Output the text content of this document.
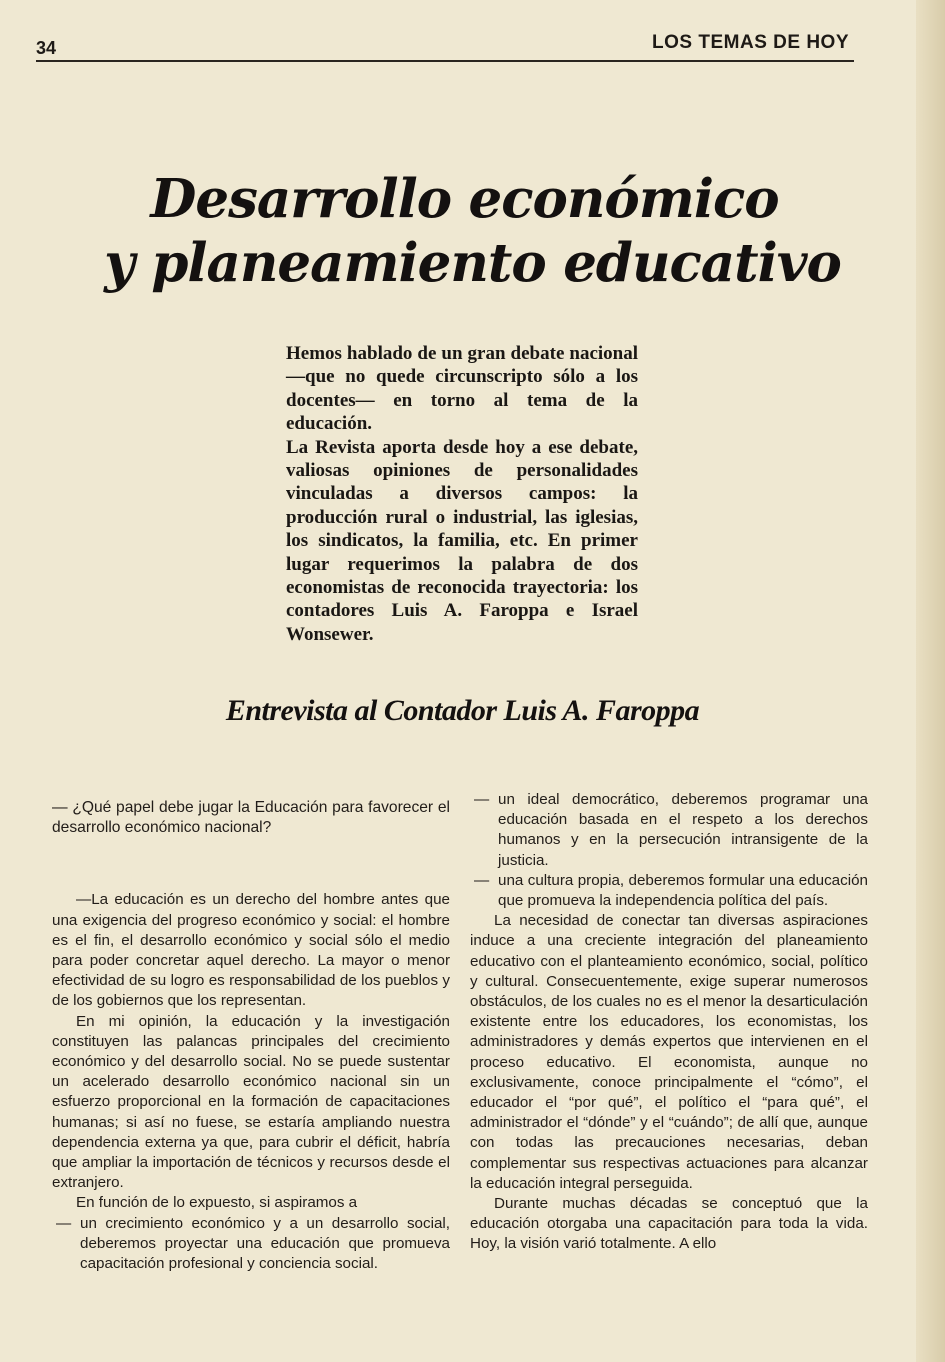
34	LOS TEMAS DE HOY
Desarrollo económico
y planeamiento educativo

Hemos hablado de un gran debate nacional —que no quede circunscripto sólo a los docentes— en torno al tema de la educación.

La Revista aporta desde hoy a ese debate, valiosas opiniones de personalidades vinculadas a diversos campos: la producción rural o industrial, las iglesias, los sindicatos, la familia, etc. En primer lugar requerimos la palabra de dos economistas de reconocida trayectoria: los contadores Luis A. Faroppa e Israel Wonsewer.

Entrevista al Contador Luis A. Faroppa

— ¿Qué papel debe jugar la Educación para favorecer el desarrollo económico nacional?

—La educación es un derecho del hombre antes que una exigencia del progreso económico y social: el hombre es el fin, el desarrollo económico y social sólo el medio para poder concretar aquel derecho. La mayor o menor efectividad de su logro es responsabilidad de los pueblos y de los gobiernos que los representan.

En mi opinión, la educación y la investigación constituyen las palancas principales del crecimiento económico y del desarrollo social. No se puede sustentar un acelerado desarrollo económico nacional sin un esfuerzo proporcional en la formación de capacitaciones humanas; si así no fuese, se estaría ampliando nuestra dependencia externa ya que, para cubrir el déficit, habría que ampliar la importación de técnicos y recursos desde el extranjero.

En función de lo expuesto, si aspiramos a

— un crecimiento económico y a un desarrollo social, deberemos proyectar una educación que promueva capacitación profesional y conciencia social.

— un ideal democrático, deberemos programar una educación basada en el respeto a los derechos humanos y en la persecución intransigente de la justicia.

— una cultura propia, deberemos formular una educación que promueva la independencia política del país.

La necesidad de conectar tan diversas aspiraciones induce a una creciente integración del planeamiento educativo con el planteamiento económico, social, político y cultural. Consecuentemente, exige superar numerosos obstáculos, de los cuales no es el menor la desarticulación existente entre los educadores, los economistas, los administradores y demás expertos que intervienen en el proceso educativo. El economista, aunque no exclusivamente, conoce principalmente el “cómo”, el educador el “por qué”, el político el “para qué”, el administrador el “dónde” y el “cuándo”; de allí que, aunque con todas las precauciones necesarias, deban complementar sus respectivas actuaciones para alcanzar la educación integral perseguida.

Durante muchas décadas se conceptuó que la educación otorgaba una capacitación para toda la vida. Hoy, la visión varió totalmente. A ello
